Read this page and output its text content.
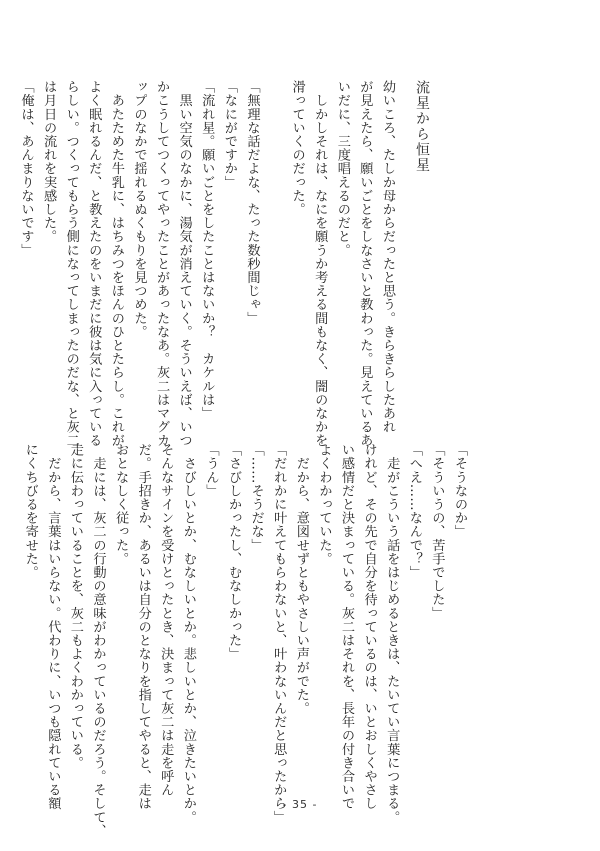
流星から恒星
幼いころ、たしか母からだったと思う。きらきらしたあれ
が見えたら、願いごとをしなさいと教わった。見えているあ
いだに、三度唱えるのだと。
　しかしそれは、なにを願うか考える間もなく、闇のなかを
滑っていくのだった。

「無理な話だよな、たった数秒間じゃ」
「なにがですか」
「流れ星。願いごとをしたことはないか？　カケルは」
　黒い空気のなかに、湯気が消えていく。そういえば、いつ
かこうしてつくってやったことがあったなあ。灰二はマグカ
ップのなかで揺れるぬくもりを見つめた。
　あたためた牛乳に、はちみつをほんのひとたらし。これが
よく眠れるんだ、と教えたのをいまだに彼は気に入っている
らしい。つくってもらう側になってしまったのだな、と灰二
は月日の流れを実感した。
「俺は、あんまりないです」
「そうなのか」
「そういうの、苦手でした」
「へえ……なんで？」
　走がこういう話をはじめるときは、たいてい言葉につまる。
けれど、その先で自分を待っているのは、いとおしくやさし
い感情だと決まっている。灰二はそれを、長年の付き合いで
よくわかっていた。
　だから、意図せずともやさしい声がでた。
「だれかに叶えてもらわないと、叶わないんだと思ったから」
「……そうだな」
「さびしかったし、むなしかった」
「うん」
　さびしいとか、むなしいとか。悲しいとか、泣きたいとか。
そんなサインを受けとったとき、決まって灰二は走を呼ん
だ。手招きか、あるいは自分のとなりを指してやると、走は
おとなしく従った。
　走には、灰二の行動の意味がわかっているのだろう。そして、
走に伝わっていることを、灰二もよくわかっている。
　だから、言葉はいらない。代わりに、いつも隠れている額
にくちびるを寄せた。
- 35 -
